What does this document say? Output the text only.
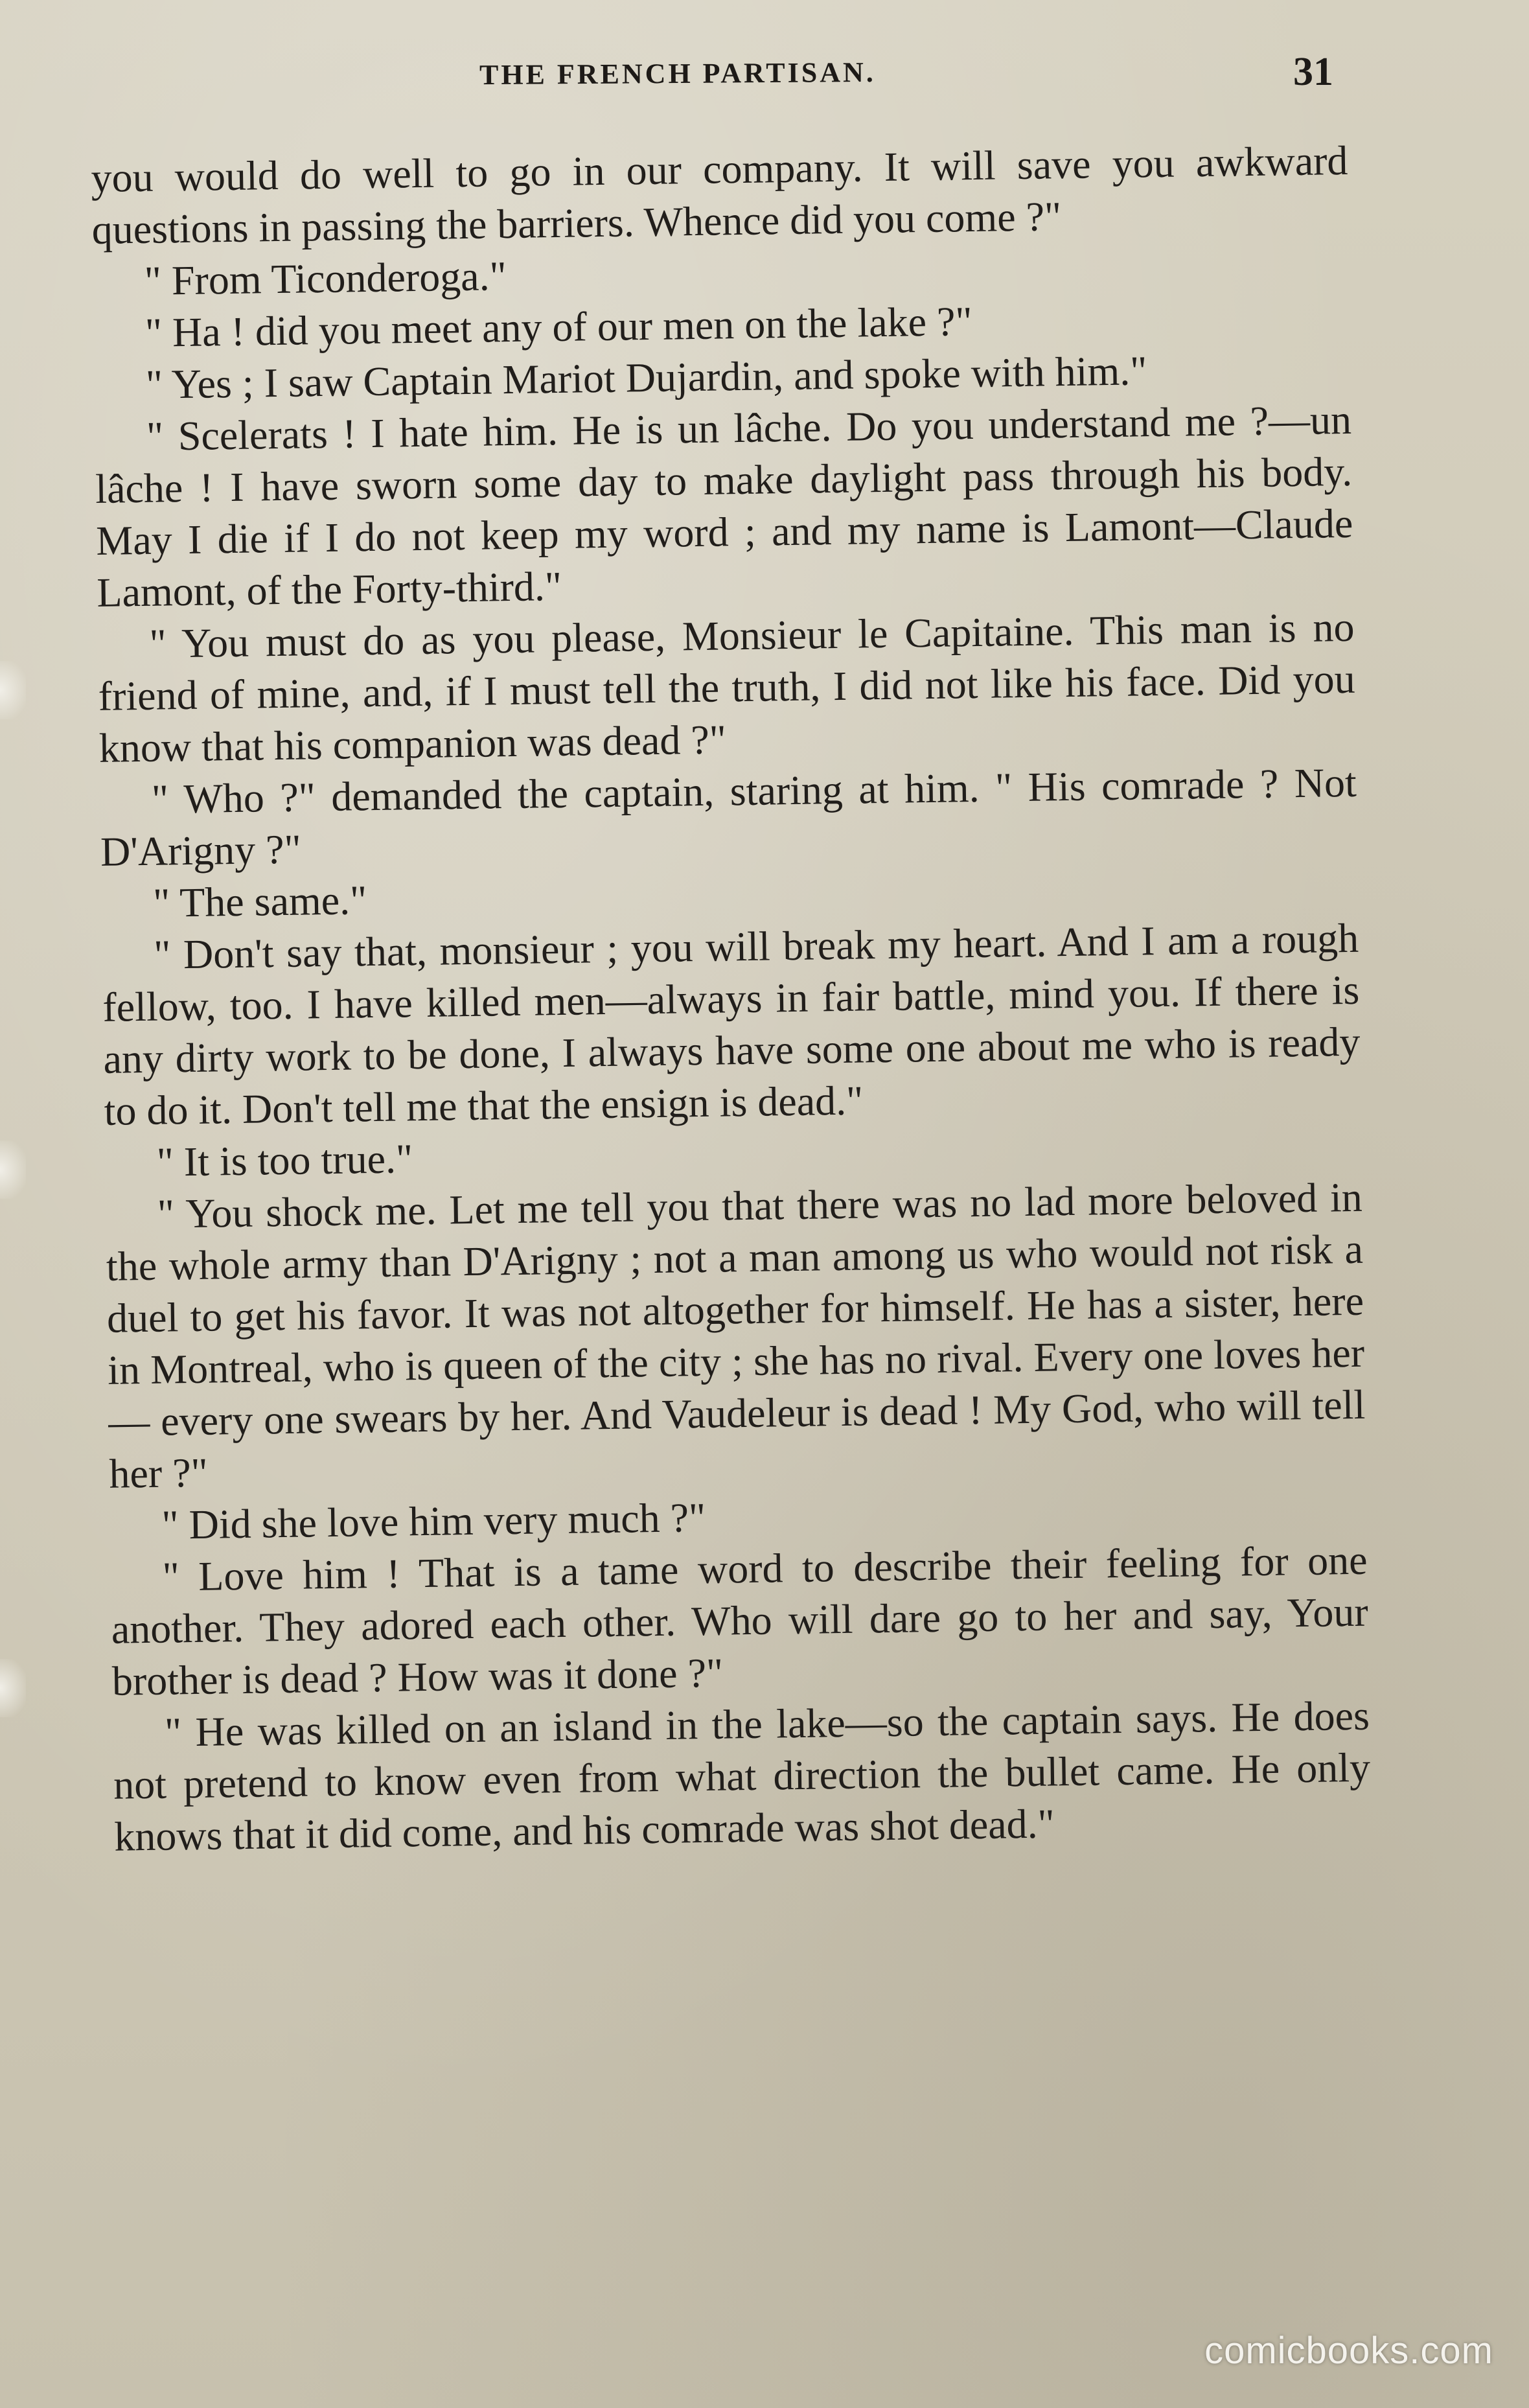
THE FRENCH PARTISAN.	31

you would do well to go in our company. It will save you awkward questions in passing the barriers. Whence did you come ?"

" From Ticonderoga."

" Ha ! did you meet any of our men on the lake ?"

" Yes ; I saw Captain Mariot Dujardin, and spoke with him."

" Scelerats ! I hate him. He is un lâche. Do you understand me ?—un lâche ! I have sworn some day to make daylight pass through his body. May I die if I do not keep my word ; and my name is Lamont—Claude Lamont, of the Forty-third."

" You must do as you please, Monsieur le Capitaine. This man is no friend of mine, and, if I must tell the truth, I did not like his face. Did you know that his companion was dead ?"

" Who ?" demanded the captain, staring at him. " His comrade ? Not D'Arigny ?"

" The same."

" Don't say that, monsieur ; you will break my heart. And I am a rough fellow, too. I have killed men—always in fair battle, mind you. If there is any dirty work to be done, I always have some one about me who is ready to do it. Don't tell me that the ensign is dead."

" It is too true."

" You shock me. Let me tell you that there was no lad more beloved in the whole army than D'Arigny ; not a man among us who would not risk a duel to get his favor. It was not altogether for himself. He has a sister, here in Montreal, who is queen of the city ; she has no rival. Every one loves her — every one swears by her. And Vaudeleur is dead ! My God, who will tell her ?"

" Did she love him very much ?"

" Love him ! That is a tame word to describe their feeling for one another. They adored each other. Who will dare go to her and say, Your brother is dead ? How was it done ?"

" He was killed on an island in the lake—so the captain says. He does not pretend to know even from what direction the bullet came. He only knows that it did come, and his comrade was shot dead."

comicbooks.com
